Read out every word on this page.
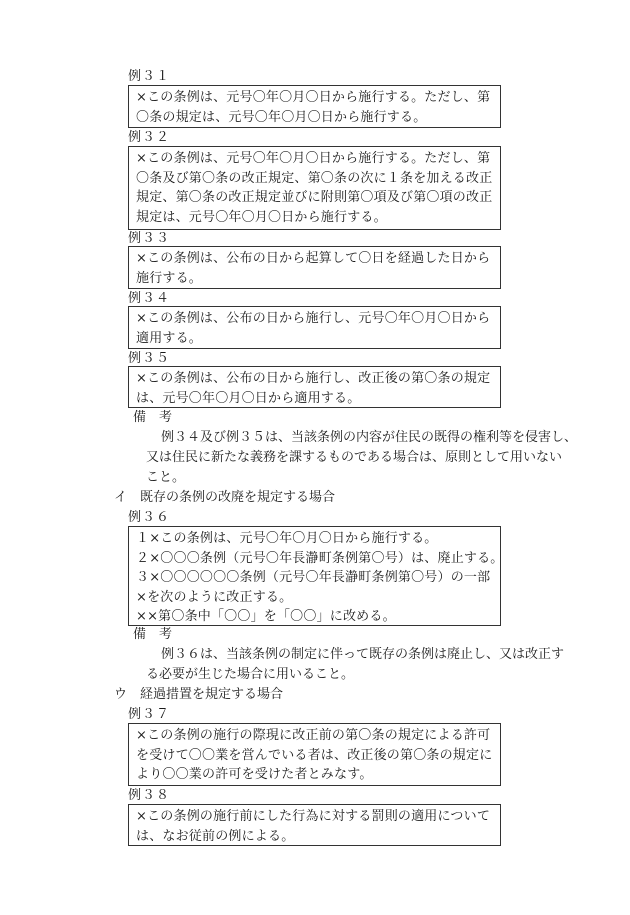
例３１
×この条例は、元号〇年〇月〇日から施行する。ただし、第
〇条の規定は、元号〇年〇月〇日から施行する。
例３２
×この条例は、元号〇年〇月〇日から施行する。ただし、第
〇条及び第〇条の改正規定、第〇条の次に１条を加える改正
規定、第〇条の改正規定並びに附則第〇項及び第〇項の改正
規定は、元号〇年〇月〇日から施行する。
例３３
×この条例は、公布の日から起算して〇日を経過した日から
施行する。
例３４
×この条例は、公布の日から施行し、元号〇年〇月〇日から
適用する。
例３５
×この条例は、公布の日から施行し、改正後の第〇条の規定
は、元号〇年〇月〇日から適用する。
備　考
例３４及び例３５は、当該条例の内容が住民の既得の権利等を侵害し、
又は住民に新たな義務を課するものである場合は、原則として用いない
こと。
イ　既存の条例の改廃を規定する場合
例３６
１×この条例は、元号〇年〇月〇日から施行する。
２×〇〇〇条例（元号〇年長瀞町条例第〇号）は、廃止する。
３×〇〇〇〇〇〇条例（元号〇年長瀞町条例第〇号）の一部
×を次のように改正する。
××第〇条中「〇〇」を「〇〇」に改める。
備　考
例３６は、当該条例の制定に伴って既存の条例は廃止し、又は改正す
る必要が生じた場合に用いること。
ウ　経過措置を規定する場合
例３７
×この条例の施行の際現に改正前の第〇条の規定による許可
を受けて〇〇業を営んでいる者は、改正後の第〇条の規定に
より〇〇業の許可を受けた者とみなす。
例３８
×この条例の施行前にした行為に対する罰則の適用について
は、なお従前の例による。
